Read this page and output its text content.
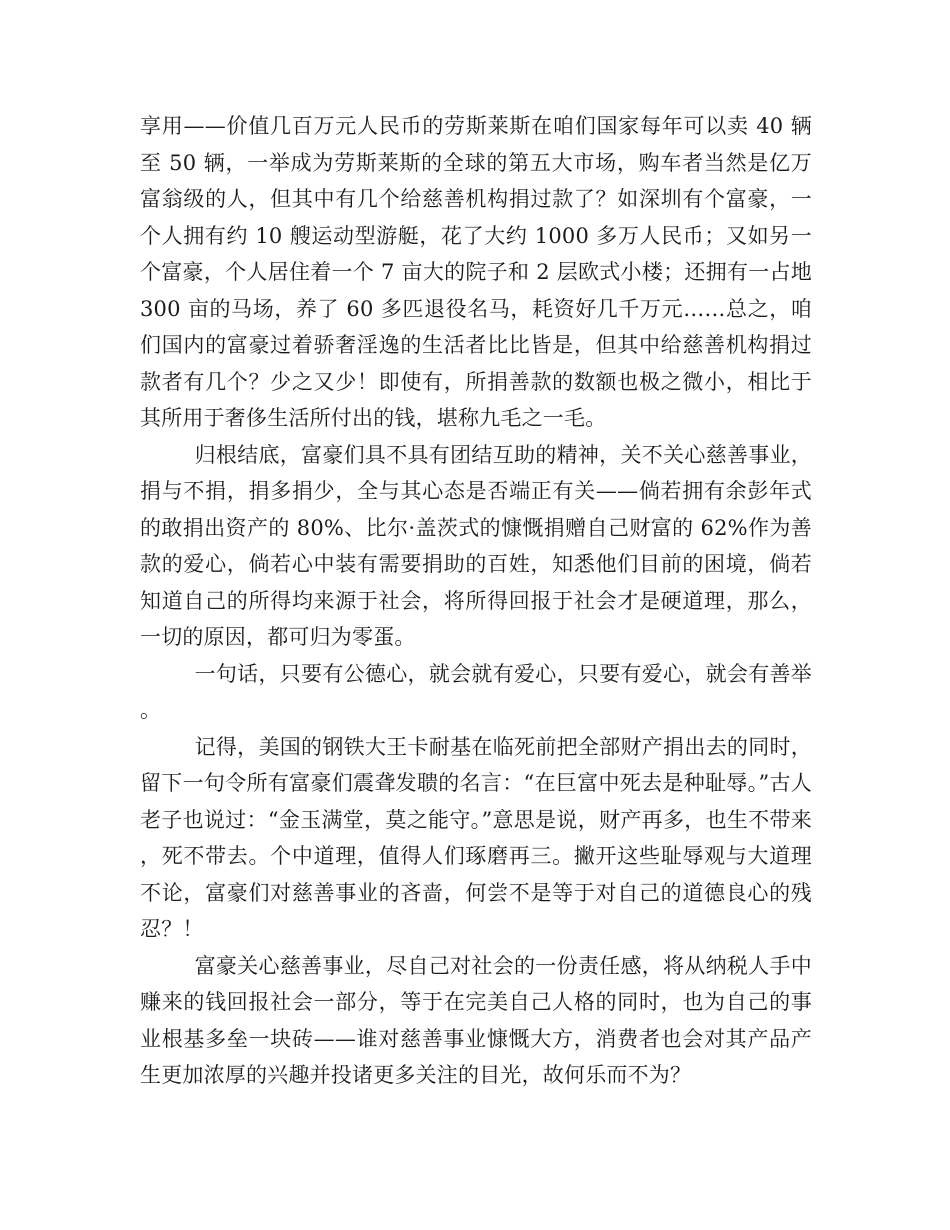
享用——价值几百万元人民币的劳斯莱斯在咱们国家每年可以卖 40 辆至 50 辆，一举成为劳斯莱斯的全球的第五大市场，购车者当然是亿万富翁级的人，但其中有几个给慈善机构捐过款了？如深圳有个富豪，一个人拥有约 10 艘运动型游艇，花了大约 1000 多万人民币；又如另一个富豪，个人居住着一个 7 亩大的院子和 2 层欧式小楼；还拥有一占地 300 亩的马场，养了 60 多匹退役名马，耗资好几千万元……总之，咱们国内的富豪过着骄奢淫逸的生活者比比皆是，但其中给慈善机构捐过款者有几个？少之又少！即使有，所捐善款的数额也极之微小，相比于其所用于奢侈生活所付出的钱，堪称九毛之一毛。

归根结底，富豪们具不具有团结互助的精神，关不关心慈善事业，捐与不捐，捐多捐少，全与其心态是否端正有关——倘若拥有余彭年式的敢捐出资产的 80%、比尔·盖茨式的慷慨捐赠自己财富的 62%作为善款的爱心，倘若心中装有需要捐助的百姓，知悉他们目前的困境，倘若知道自己的所得均来源于社会，将所得回报于社会才是硬道理，那么，一切的原因，都可归为零蛋。

一句话，只要有公德心，就会就有爱心，只要有爱心，就会有善举。

记得，美国的钢铁大王卡耐基在临死前把全部财产捐出去的同时，留下一句令所有富豪们震聋发聩的名言：“在巨富中死去是种耻辱。”古人老子也说过：“金玉满堂，莫之能守。”意思是说，财产再多，也生不带来，死不带去。个中道理，值得人们琢磨再三。撇开这些耻辱观与大道理不论，富豪们对慈善事业的吝啬，何尝不是等于对自己的道德良心的残忍？！

富豪关心慈善事业，尽自己对社会的一份责任感，将从纳税人手中赚来的钱回报社会一部分，等于在完美自己人格的同时，也为自己的事业根基多垒一块砖——谁对慈善事业慷慨大方，消费者也会对其产品产生更加浓厚的兴趣并投诸更多关注的目光，故何乐而不为？
